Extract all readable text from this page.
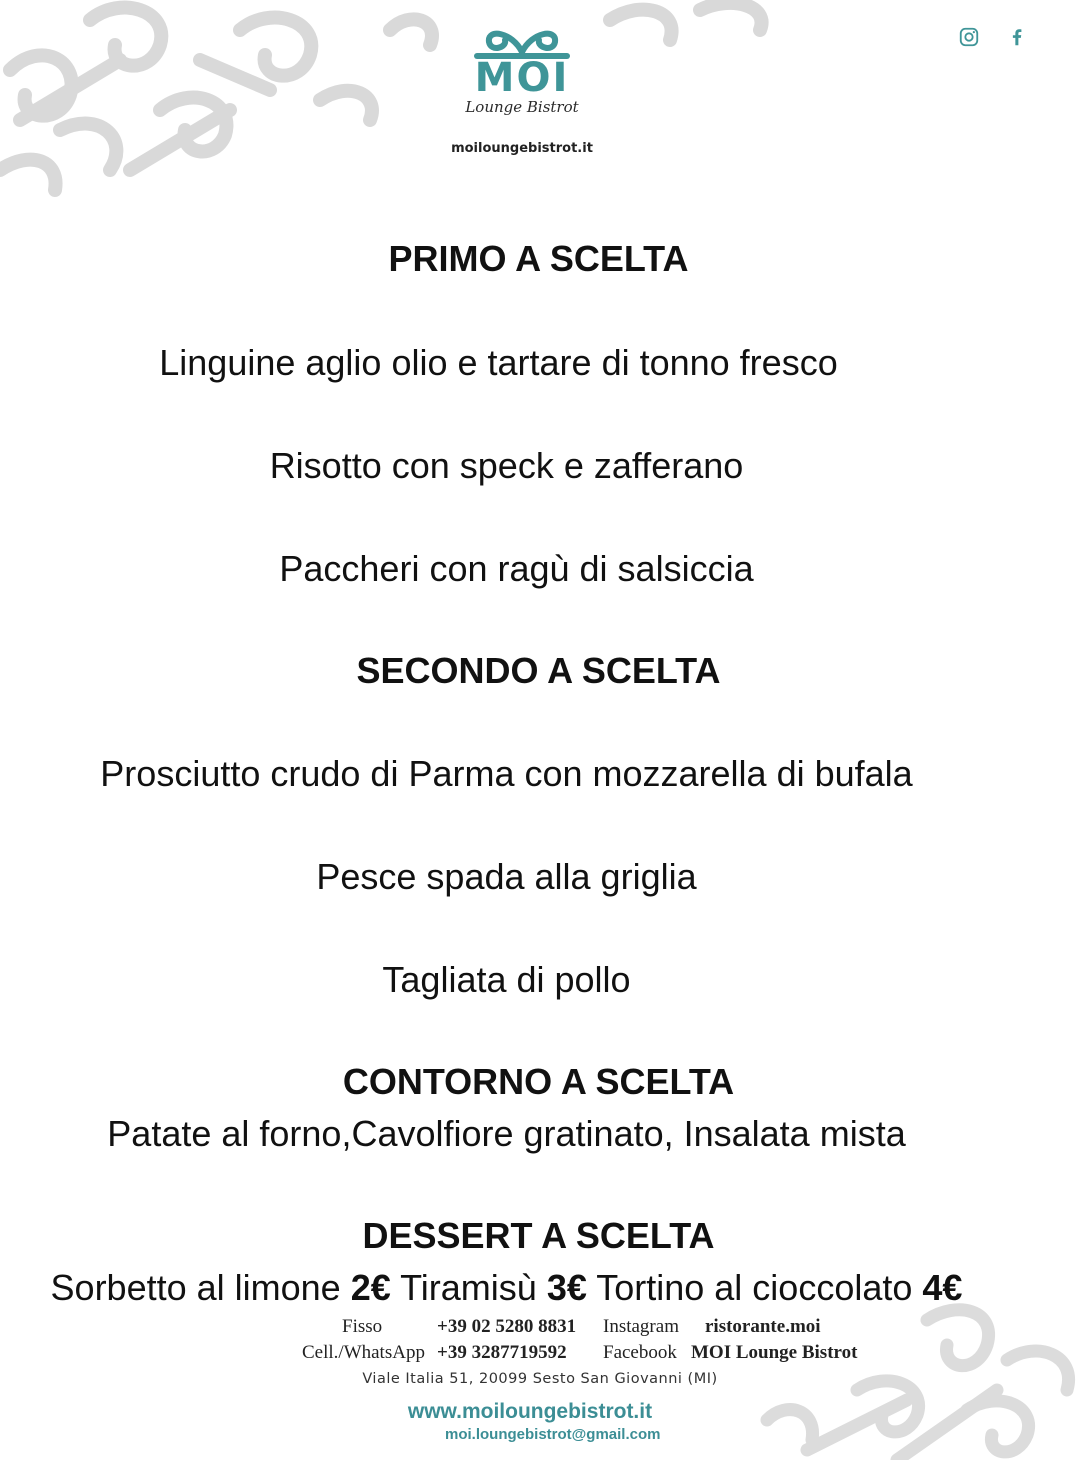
MOI
Lounge Bistrot
moiloungebistrot.it
PRIMO A SCELTA
Linguine aglio olio e tartare di tonno fresco
Risotto con speck e zafferano
Paccheri con ragù di salsiccia
SECONDO A SCELTA
Prosciutto crudo di Parma con mozzarella di bufala
Pesce spada alla griglia
Tagliata di pollo
CONTORNO A SCELTA
Patate al forno,Cavolfiore gratinato, Insalata mista
DESSERT A SCELTA
Sorbetto al limone 2€ Tiramisù 3€ Tortino al cioccolato 4€
Fisso	+39 02 5280 8831 Instagram ristorante.moi
Cell./WhatsApp +39 3287719592 Facebook MOI Lounge Bistrot
Viale Italia 51, 20099 Sesto San Giovanni (MI)
www.moiloungebistrot.it
moi.loungebistrot@gmail.com
